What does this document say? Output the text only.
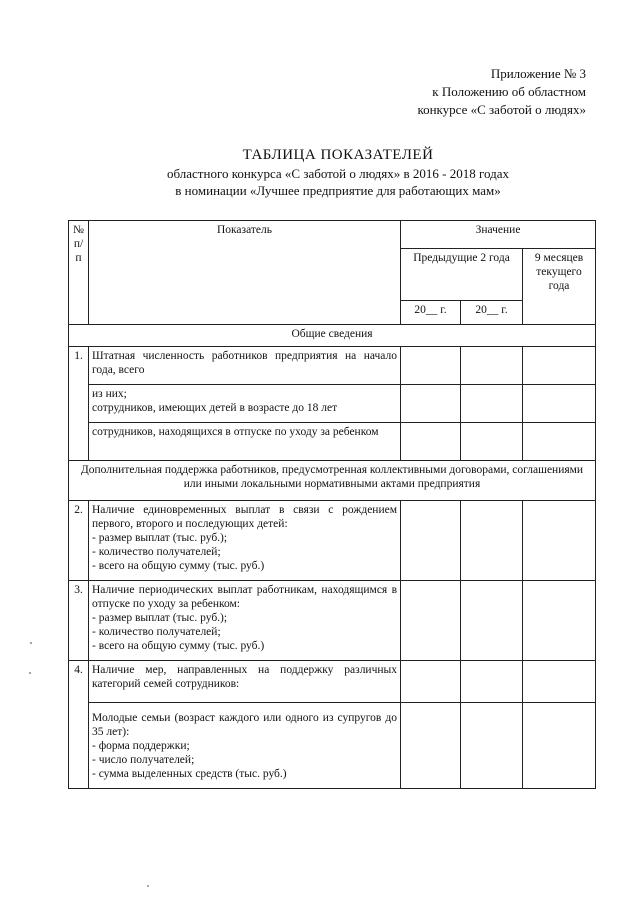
Приложение № 3
к Положению об областном
конкурсе «С заботой о людях»
ТАБЛИЦА ПОКАЗАТЕЛЕЙ
областного конкурса «С заботой о людях» в 2016 - 2018 годах
в номинации «Лучшее предприятие для работающих мам»
№
п/п	Показатель	Значение		
		Предыдущие 2 года		9 месяцев текущего года
		20__ г.	20__ г.	
Общие сведения				
1.	Штатная численность работников предприятия на начало года, всего			

	из них;
сотрудников, имеющих детей в возрасте до 18 лет			

	сотрудников, находящихся в отпуске по уходу за ребенком			
Дополнительная поддержка работников, предусмотренная коллективными договорами, соглашениями или иными локальными нормативными актами предприятия				
2.	Наличие единовременных выплат в связи с рождением первого, второго и последующих детей:
- размер выплат (тыс. руб.);
- количество получателей;
- всего на общую сумму (тыс. руб.)			

3.	Наличие периодических выплат работникам, находящимся в отпуске по уходу за ребенком:
- размер выплат (тыс. руб.);
- количество получателей;
- всего на общую сумму (тыс. руб.)			

4.	Наличие мер, направленных на поддержку различных категорий семей сотрудников:			

	Молодые семьи (возраст каждого или одного из супругов до 35 лет):
- форма поддержки;
- число получателей;
- сумма выделенных средств (тыс. руб.)			
